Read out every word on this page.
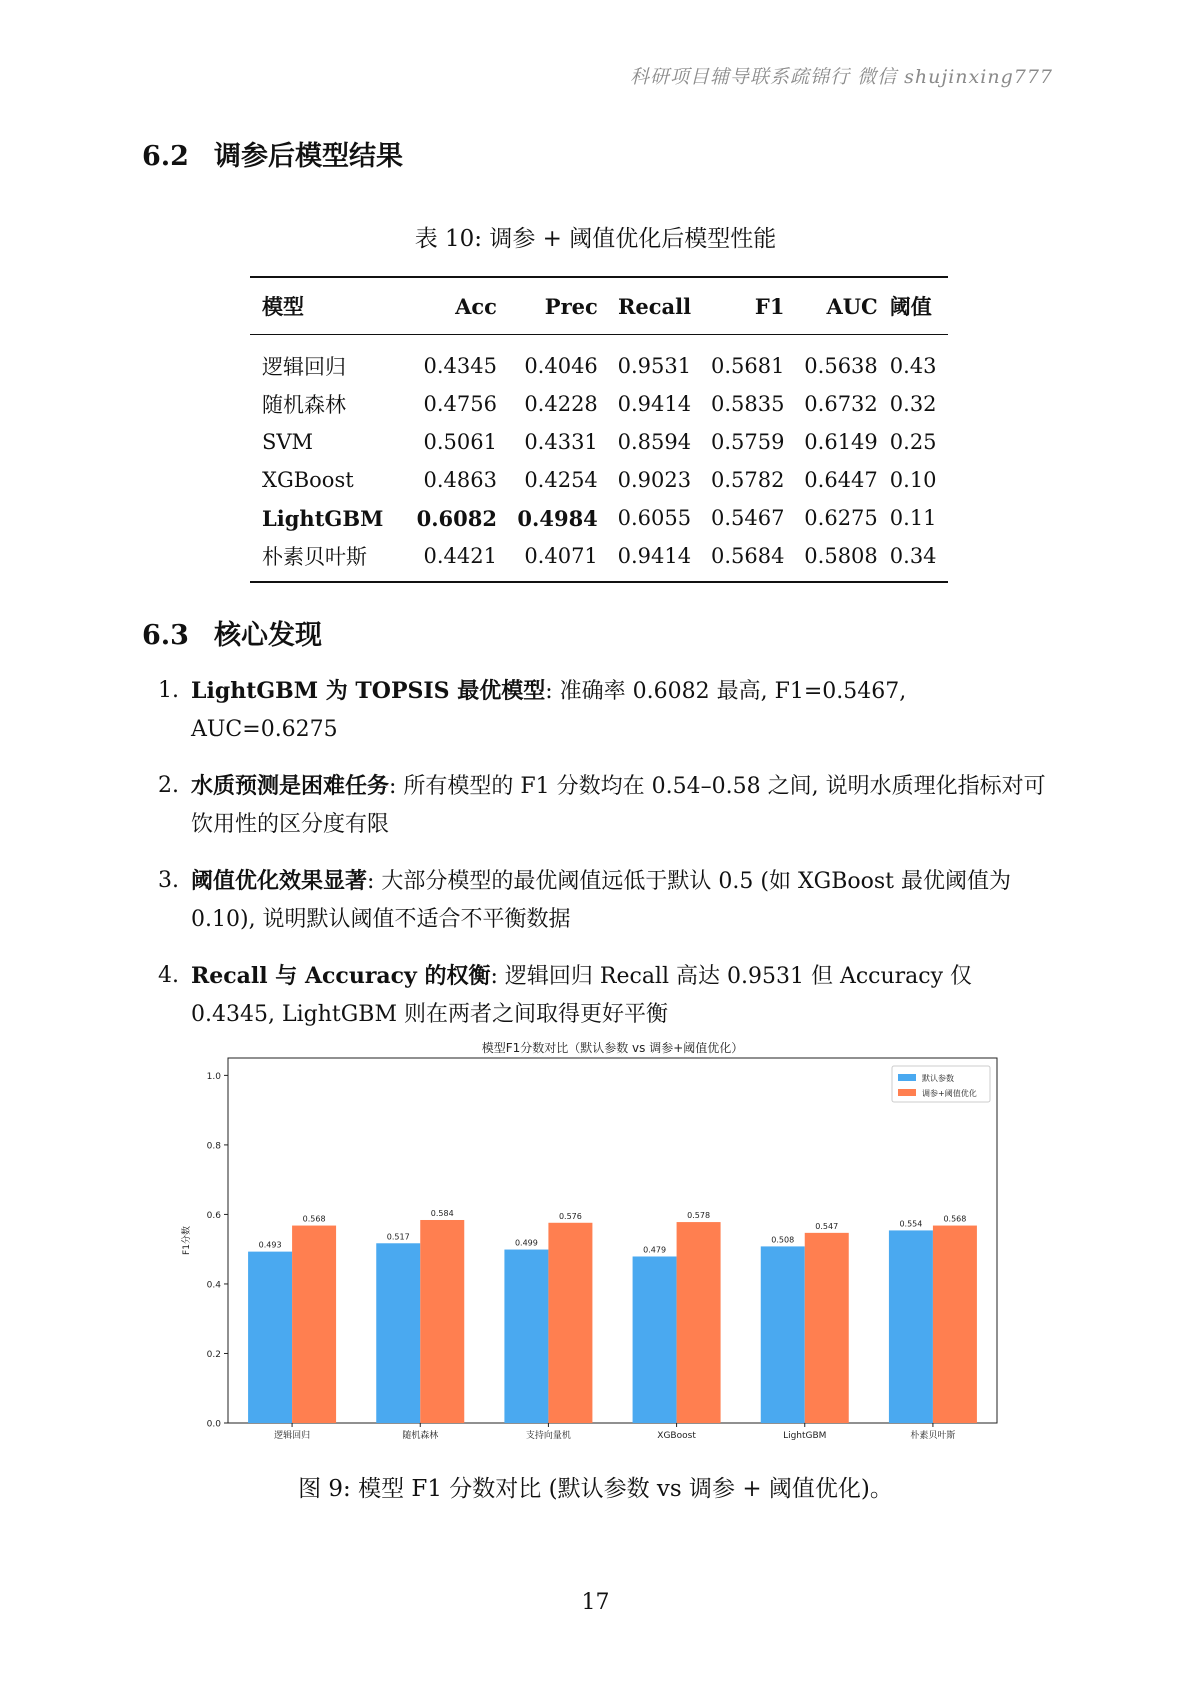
科研项目辅导联系疏锦行 微信 shujinxing777
6.2 调参后模型结果
表 10: 调参 + 阈值优化后模型性能
模型	Acc	Prec	Recall	F1	AUC	阈值
逻辑回归	0.4345	0.4046	0.9531	0.5681	0.5638	0.43
随机森林	0.4756	0.4228	0.9414	0.5835	0.6732	0.32
SVM	0.5061	0.4331	0.8594	0.5759	0.6149	0.25
XGBoost	0.4863	0.4254	0.9023	0.5782	0.6447	0.10
LightGBM	0.6082	0.4984	0.6055	0.5467	0.6275	0.11
朴素贝叶斯	0.4421	0.4071	0.9414	0.5684	0.5808	0.34
6.3 核心发现
1. LightGBM 为 TOPSIS 最优模型: 准确率 0.6082 最高, F1=0.5467, AUC=0.6275
2. 水质预测是困难任务: 所有模型的 F1 分数均在 0.54–0.58 之间, 说明水质理化指标对可饮用性的区分度有限
3. 阈值优化效果显著: 大部分模型的最优阈值远低于默认 0.5 (如 XGBoost 最优阈值为 0.10), 说明默认阈值不适合不平衡数据
4. Recall 与 Accuracy 的权衡: 逻辑回归 Recall 高达 0.9531 但 Accuracy 仅 0.4345, LightGBM 则在两者之间取得更好平衡
模型F1分数对比（默认参数 vs 调参+阈值优化）
0.0
0.2
0.4
0.6
0.8
1.0
F1分数	0.493
0.568
逻辑回归
0.517
0.584
随机森林
0.499
0.576
支持向量机
0.479
0.578
XGBoost
0.508
0.547
LightGBM
0.554
0.568
朴素贝叶斯
默认参数
调参+阈值优化
图 9: 模型 F1 分数对比 (默认参数 vs 调参 + 阈值优化)。
17
